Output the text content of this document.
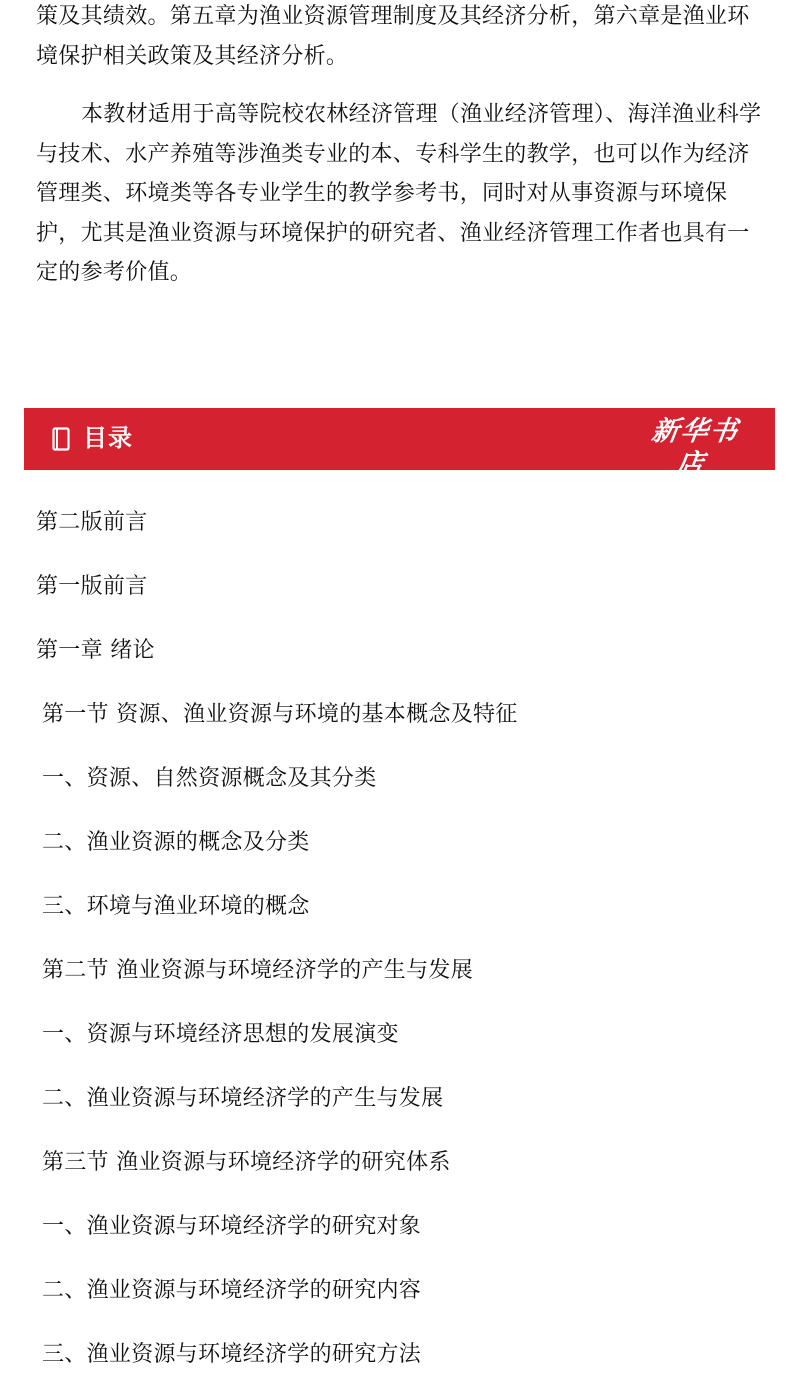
策及其绩效。第五章为渔业资源管理制度及其经济分析，第六章是渔业环境保护相关政策及其经济分析。

本教材适用于高等院校农林经济管理（渔业经济管理）、海洋渔业科学与技术、水产养殖等涉渔类专业的本、专科学生的教学，也可以作为经济管理类、环境类等各专业学生的教学参考书，同时对从事资源与环境保护，尤其是渔业资源与环境保护的研究者、渔业经济管理工作者也具有一定的参考价值。

目录	新华书店
XINHUA BOOKSTORE
第二版前言
第一版前言
第一章 绪论
第一节 资源、渔业资源与环境的基本概念及特征
一、资源、自然资源概念及其分类
二、渔业资源的概念及分类
三、环境与渔业环境的概念
第二节 渔业资源与环境经济学的产生与发展
一、资源与环境经济思想的发展演变
二、渔业资源与环境经济学的产生与发展
第三节 渔业资源与环境经济学的研究体系
一、渔业资源与环境经济学的研究对象
二、渔业资源与环境经济学的研究内容
三、渔业资源与环境经济学的研究方法
